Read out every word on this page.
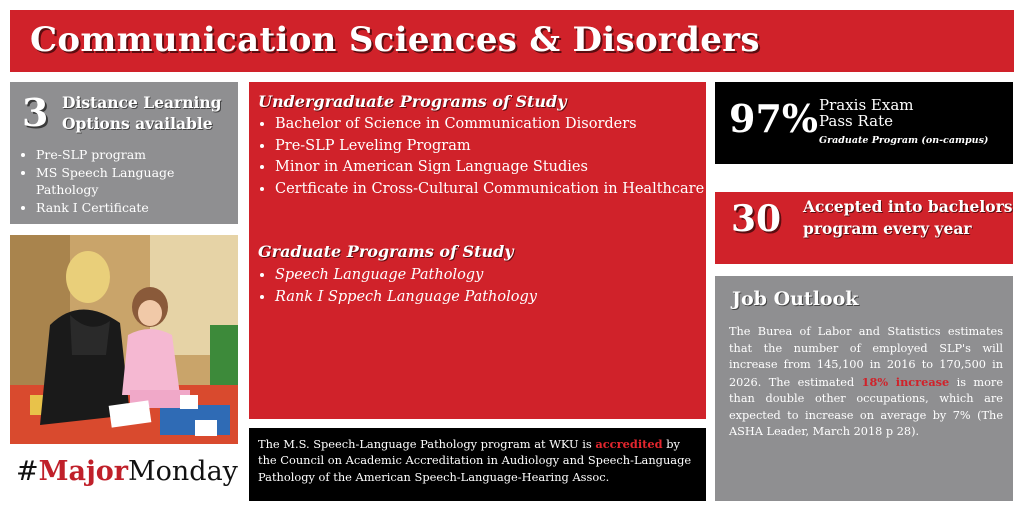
Communication Sciences & Disorders
3 Distance Learning
Options available
• Pre-SLP program
• MS Speech Language Pathology
• Rank I Certificate
#MajorMonday
Undergraduate Programs of Study
• Bachelor of Science in Communication Disorders
• Pre-SLP Leveling Program
• Minor in American Sign Language Studies
• Certficate in Cross-Cultural Communication in Healthcare
Graduate Programs of Study
• Speech Language Pathology
• Rank I Sppech Language Pathology
The M.S. Speech-Language Pathology program at WKU is accredited by the Council on Academic Accreditation in Audiology and Speech-Language Pathology of the American Speech-Language-Hearing Assoc.
97% Praxis Exam
Pass Rate
Graduate Program (on-campus)
30 Accepted into bachelors
program every year
Job Outlook

The Burea of Labor and Statistics estimates that the number of employed SLP's will increase from 145,100 in 2016 to 170,500 in 2026. The estimated 18% increase is more than double other occupations, which are expected to increase on average by 7% (The ASHA Leader, March 2018 p 28).
